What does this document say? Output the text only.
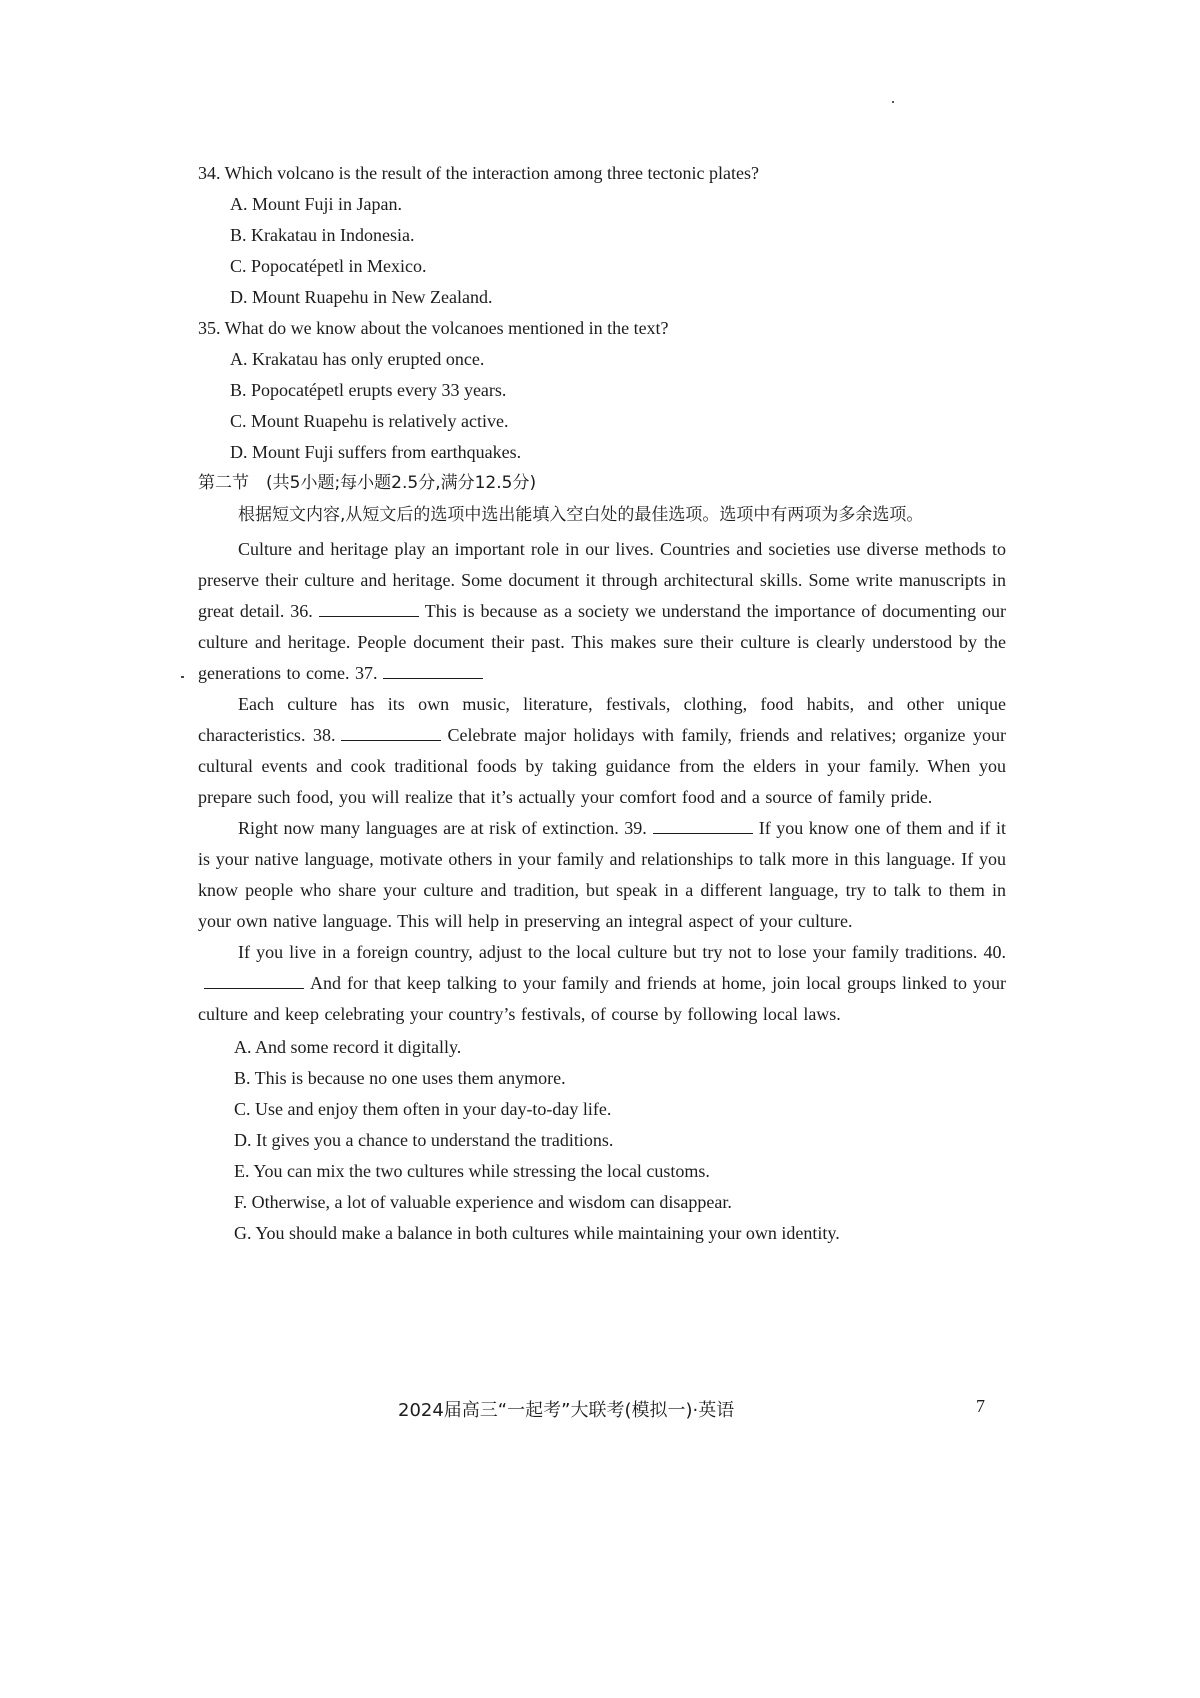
34. Which volcano is the result of the interaction among three tectonic plates?
A. Mount Fuji in Japan.
B. Krakatau in Indonesia.
C. Popocatépetl in Mexico.
D. Mount Ruapehu in New Zealand.
35. What do we know about the volcanoes mentioned in the text?
A. Krakatau has only erupted once.
B. Popocatépetl erupts every 33 years.
C. Mount Ruapehu is relatively active.
D. Mount Fuji suffers from earthquakes.
第二节　(共5小题;每小题2.5分,满分12.5分)

根据短文内容,从短文后的选项中选出能填入空白处的最佳选项。选项中有两项为多余选项。

Culture and heritage play an important role in our lives. Countries and societies use diverse methods to preserve their culture and heritage. Some document it through architectural skills. Some write manuscripts in great detail. 36.	This is because as a society we understand the importance of documenting our culture and heritage. People document their past. This makes sure their culture is clearly understood by the generations to come. 37.

Each culture has its own music, literature, festivals, clothing, food habits, and other unique characteristics. 38.	Celebrate major holidays with family, friends and relatives; organize your cultural events and cook traditional foods by taking guidance from the elders in your family. When you prepare such food, you will realize that it’s actually your comfort food and a source of family pride.

Right now many languages are at risk of extinction. 39.	If you know one of them and if it is your native language, motivate others in your family and relationships to talk more in this language. If you know people who share your culture and tradition, but speak in a different language, try to talk to them in your own native language. This will help in preserving an integral aspect of your culture.

If you live in a foreign country, adjust to the local culture but try not to lose your family traditions. 40.And for that keep talking to your family and friends at home, join local groups linked to your culture and keep celebrating your country’s festivals, of course by following local laws.

A. And some record it digitally.
B. This is because no one uses them anymore.
C. Use and enjoy them often in your day-to-day life.
D. It gives you a chance to understand the traditions.
E. You can mix the two cultures while stressing the local customs.
F. Otherwise, a lot of valuable experience and wisdom can disappear.
G. You should make a balance in both cultures while maintaining your own identity.
2024届高三“一起考”大联考(模拟一)·英语	7
